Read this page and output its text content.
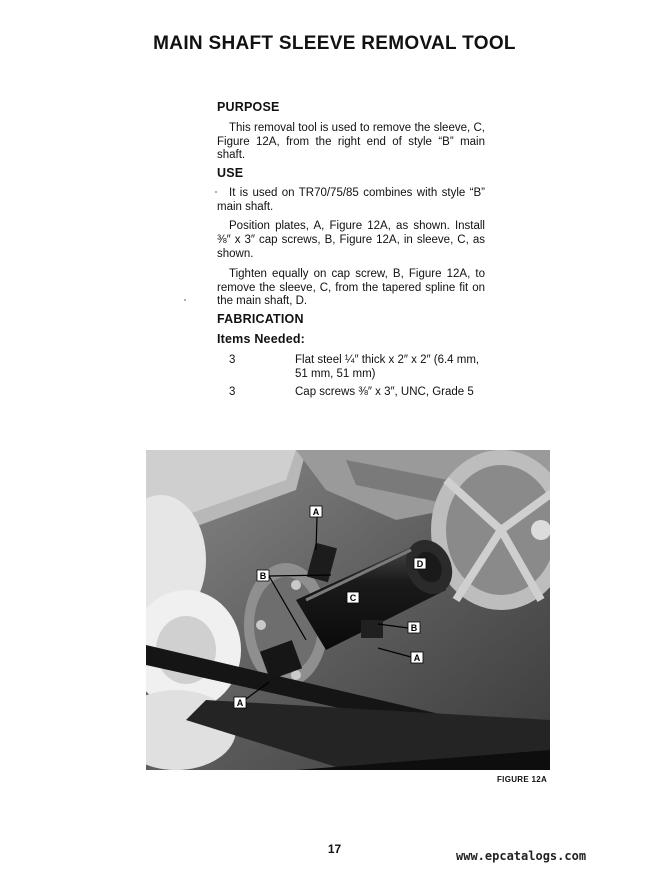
MAIN SHAFT SLEEVE REMOVAL TOOL
PURPOSE
This removal tool is used to remove the sleeve, C, Figure 12A, from the right end of style “B” main shaft.
USE
It is used on TR70/75/85 combines with style “B” main shaft.
Position plates, A, Figure 12A, as shown. Install ⅜″ x 3″ cap screws, B, Figure 12A, in sleeve, C, as shown.
Tighten equally on cap screw, B, Figure 12A, to remove the sleeve, C, from the tapered spline fit on the main shaft, D.
FABRICATION
Items Needed:
3	Flat steel ¼″ thick x 2″ x 2″ (6.4 mm, 51 mm, 51 mm)
3	Cap screws ⅜″ x 3″, UNC, Grade 5
A
B
D
C
B
A
A
FIGURE 12A
17	www.epcatalogs.com
